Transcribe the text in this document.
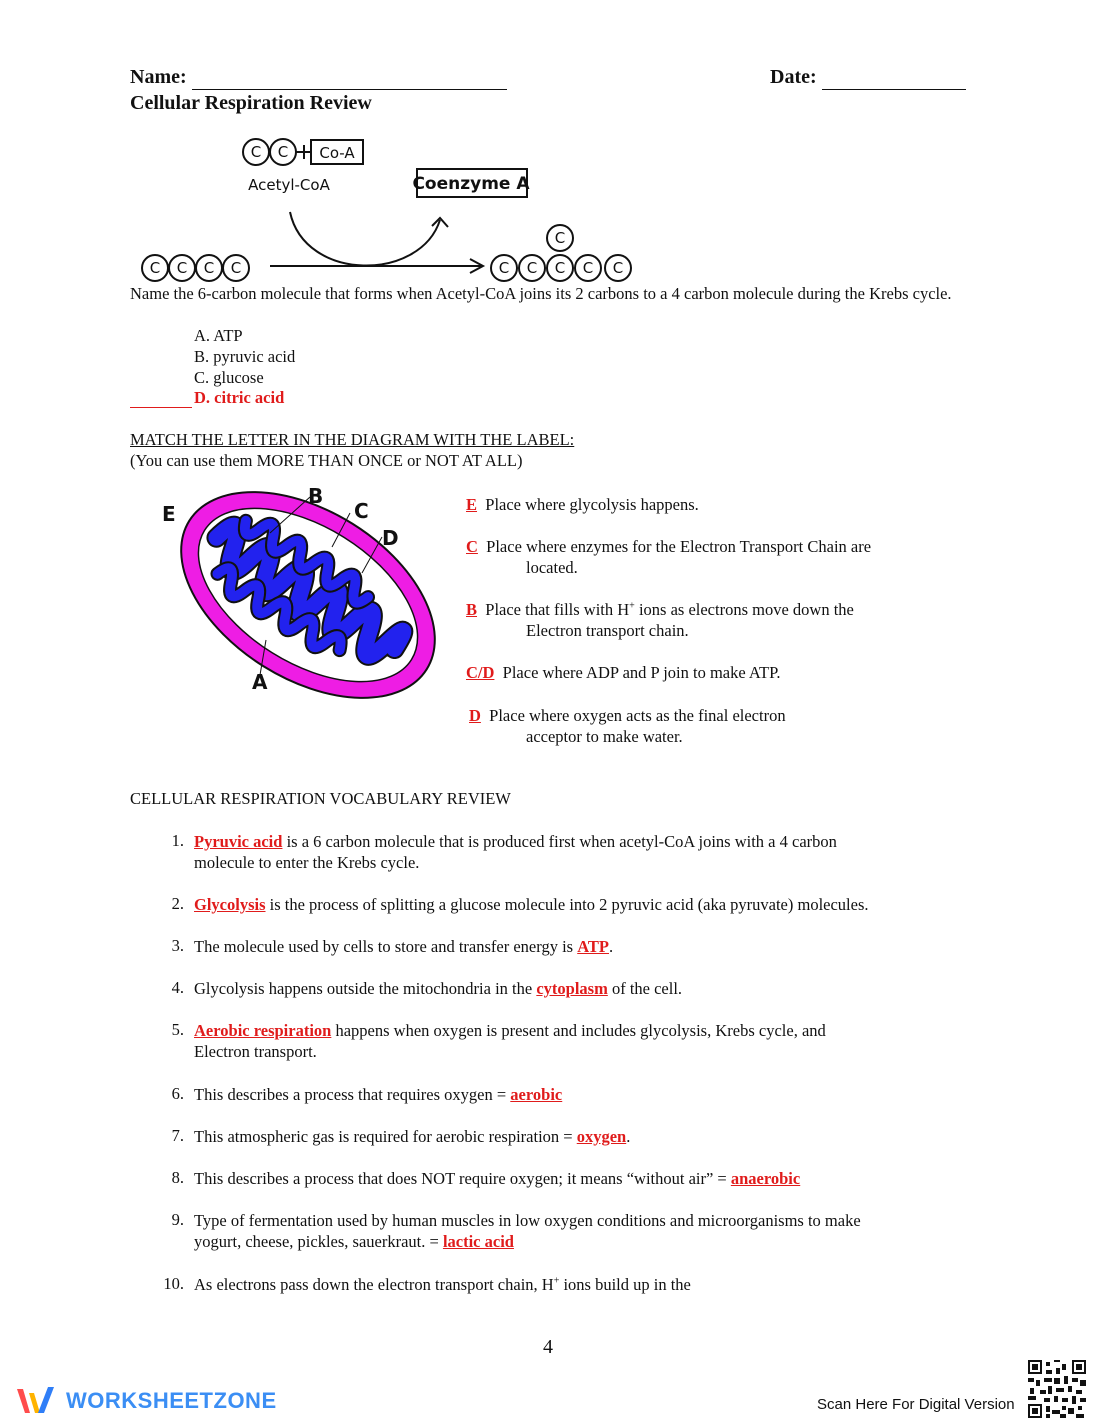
Name:	Date:
Cellular Respiration Review
C C Co-A
Acetyl-CoA	Coenzyme A
C C C C	C C C C C
C
Name the 6-carbon molecule that forms when Acetyl-CoA joins its 2 carbons to a 4 carbon molecule during the Krebs cycle.
A. ATP
B. pyruvic acid
C. glucose
D. citric acid
MATCH THE LETTER IN THE DIAGRAM WITH THE LABEL:
(You can use them MORE THAN ONCE or NOT AT ALL)
E
B
C
D
A
E Place where glycolysis happens.
C Place where enzymes for the Electron Transport Chain are
located.
B Place that fills with H+ ions as electrons move down the
Electron transport chain.
C/D Place where ADP and P join to make ATP.
D Place where oxygen acts as the final electron
acceptor to make water.
CELLULAR RESPIRATION VOCABULARY REVIEW
1. Pyruvic acid is a 6 carbon molecule that is produced first when acetyl-CoA joins with a 4 carbon
molecule to enter the Krebs cycle.
2. Glycolysis is the process of splitting a glucose molecule into 2 pyruvic acid (aka pyruvate) molecules.
3. The molecule used by cells to store and transfer energy is ATP.
4. Glycolysis happens outside the mitochondria in the cytoplasm of the cell.
5. Aerobic respiration happens when oxygen is present and includes glycolysis, Krebs cycle, and
Electron transport.
6. This describes a process that requires oxygen = aerobic
7. This atmospheric gas is required for aerobic respiration = oxygen.
8. This describes a process that does NOT require oxygen; it means “without air” = anaerobic
9. Type of fermentation used by human muscles in low oxygen conditions and microorganisms to make
yogurt, cheese, pickles, sauerkraut. = lactic acid
10. As electrons pass down the electron transport chain, H+ ions build up in the
4
WORKSHEETZONE	Scan Here For Digital Version
